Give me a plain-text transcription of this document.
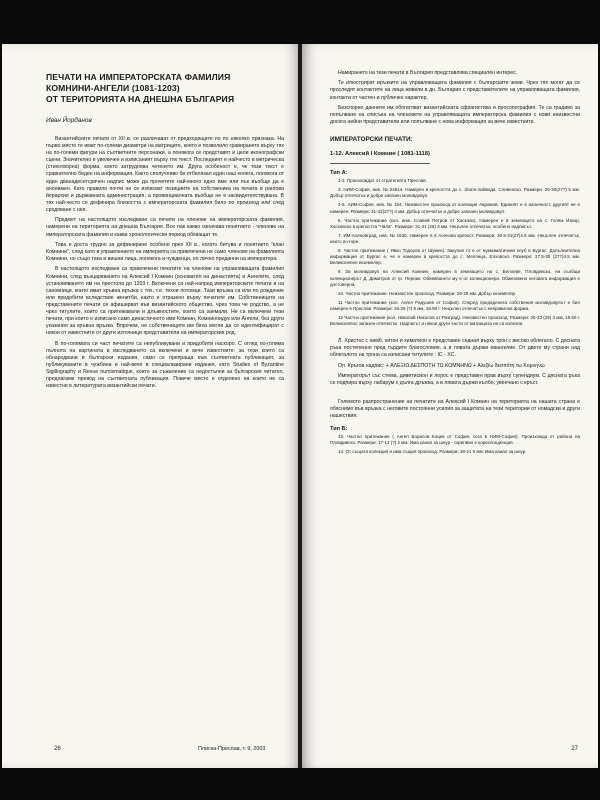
ПЕЧАТИ НА ИМПЕРАТОРСКАТА ФАМИЛИЯ
КОМНИНИ-АНГЕЛИ (1081-1203)
ОТ ТЕРИТОРИЯТA НА ДНЕШНА БЪЛГАРИЯ
Иван Йорданов

Византийските печати от XII в. се различават от предходящите по по няколко признака. На първо място те имат по-големи диаметри на матриците, което е позволило гравирането върху тях на по-големи фигури на съответните персонажи, а понякога се представят и цели иконографски сцени. Значително е увеличен и изписаният върху тях текст. Последният е найчесто в метрическа (стихотворна) форма, което затруднява четенето им. Друга особеност е, че този текст е сравнително беден на информация. Както сполучливо бе отбелязал един наш колега, понякога от един дванадесетсричен надпис може да прочетете най-много едно име или пък въобще да е анонимен. Като правило почти не се изписват позициите на собственика на печата в рангова йерархия и държавната администрация, а провинциалната въобще не е засвидетелствувана. В тях най-често се дефинира близостта с императорската фамилия било по произход или след сродяване с нея.

Предмет на настоящото изследване са печати на членове на императорската фамилия, намерени на територията на днешна България. Все пак какво означава понятието - членове на императорската фамилия и каква хронологически период обхващат те.

Това е доста трудно за дефиниране особено през XII в., когато битува и понятието "клан Комнини", след като в управлението на империята са привлечени не само членове на фамилията Комнини, но също така и вишни лица, понякога и чужденци, но лично преданни на императора.

В настоящото изследване са привлечени печатите на членове на управляващата фамилия Комнини, след възцаряването на Алексий I Комнин (основател на династията) и Ангелите, след установяването им на престола до 1203 г. Включени са най-напред императорските печати и на сановници, които имат кръвна връзка с тях, т.е. техни потомци. Тази връзка са или по рождение или придобити вследствие женитби, както е отразено върху печатите им. Собствениците на представените печати се афиширват във византийското общество, чрез това че родство, а не чрез титулите, които са притежавали и длъжностите, които са заемали. Не са включени тези печати, при които е изписано само династичното име Комнин, Комниноидук или Ангели, без други указания за кръвна връзка. Впрочем, не собствениците им бяха могли да се идентифицират с някои от известните от други източници представители на императорския род.

В по-голямата си част печатите са непубликувани и придобити наскоро. С оглед по-голяма пълнота на картината в изследването са включени и вече известните: за тези които са обнародвани в български издания, само се препраща към съответната публикация; за публикуваните в чужбина и най-вече в специализирани издания, като Studies of Byzantine Sigillography и Revue numismatique, които за съжаление са недостъпни за българския читател, предлагаме превод на съответната публикация. Повече място е отделено на които не са известни в литературата византийски печати.

26	Плиска-Преслав, т. 9, 2003

Намирането на тези печати в България представлява специален интерес.

Те илюстрират връзките на управляващата фамилия с българските земи. Чрез тях могат да се проследят контактите на лица живели в дн. България с представителите на управляващата фамилия, контакти от частен и публичен характер.

Безспорно данните им обогатяват византийската сфрагистика и просопография. Те са градиво за попълване на списъка на членовете на управляващата императорска фамилия с нови неизвестни досега нейни представители или попълване с нова информация за вече известните.

ИМПЕРАТОРСКИ ПЕЧАТИ:
1-12. Алексий I Комнин ( 1081-1118)
Тип А:

1-2. Произхождат от стратегията Преслав.

3. НИМ-София, инв. № 24614. Намерен в крепостта до с. Злати войвода, Сливенско. Размери: 29-30(27?) 5 мм. Добър отпечатък и добре запазен моливдовул.

4-5. АИМ-София, инв. № 104. Неизвестен произход от колекция Аврамов. Единият е в наличност, другият не е намерен. Размери: 31-32(27?) 4 мм. Добър отпечатък и добре запазен моливдовул.

6. Частно притежание (кол. инж. Славей Петров от Хасково). Намерен е в землището на с. Голям Извор, Хасковско в крепостта "Чала". Размери: 31-31 (26) 3 мм. Нецълен отпечатък, особено надписът.

7. ИМ-Асеновград, инв. № 1530. Намерен в в Асенова крепост. Размери: 30.5-31(27)4.5 мм. Нецълен отпечатък, канто по-горе.

8. Частно притежание ( Явко Тодоров от Шумен). Закупил го е от нумизматичния клуб в Бургас. Допълнителна информация от Бургас е, че е намерен в крепостта до с. Меплица, Елховско. Размери: 27.5-30 (27?)4.5 мм. Великолепен екземпляр.

9. За моливдовул на Алексий Комнин, намерен в землището на с. Белоеве, Пловдивско, ни съобщи колекционерът Д. Димитров от гр. Перник. Обявяването му е от колекционера. Обикновено неговата информация е достоверна.

10. Частно притежание. Неизвестен произход. Размери: 28-29 мм. Добър екземпляр.

11 Частно притежание (кол. Ангел Радушев от София). Според предадената собствения моливдовулът е бил намерен в Преслав. Размери: 26-29 (?) 5 мм, 18.90 г. Нецълен отпечатък с неправилна форма.

12 Частно притежание (кол. Николай Николов от Разград). Неизвестен произход. Размери: 30-33 (29) 3 мм, 18.60 г. Великолепно запазен отпечатък. Надписът и някои други части от матрицата не са излезли.

Л. Христос с нимб, хитон и химатион е представен седнал върху трон с високо облегало. С дясната ръка постепенно пред гърдите благословия, а в лявата държи евангелие. От двете му страни над облегалото на трона са изписани титулите : IC - XC.

Оп. Кръгов надпис: + ΑΛΕΞΙΩ ΔΕΣΠΟΤΗ ΤΩ ΚΟΜΝΗΝΩ + Αλεξίω δεσπότη τω Κομνηνώ

Императорът със стема, дивитисион и лорос е представен прав върху супендиум. С дясната ръка се подпира върху лабарум с дълга дръжка, а в лявата държи кълбо, увенчано с кръст.

Големото разпространение на печатите на Алексий I Комнин на територията на нашата страна е обяснимо във връзка с неговите постоянни усилия за защитата на тези територии от номадски и други нашествия.

Тип Б:

13. Частно притежание ( Ангел Борисов Коцев от София, сега в НИМ-София). Произхожда от района на Пловдивско. Размери: 17-12 (?) 2 мм. Има канал за шнур - скрепвал е кореспонденция.

14. От същата колекция и има същия произход. Размери: 18-21 5 мм. Има канал за шнур.

27
